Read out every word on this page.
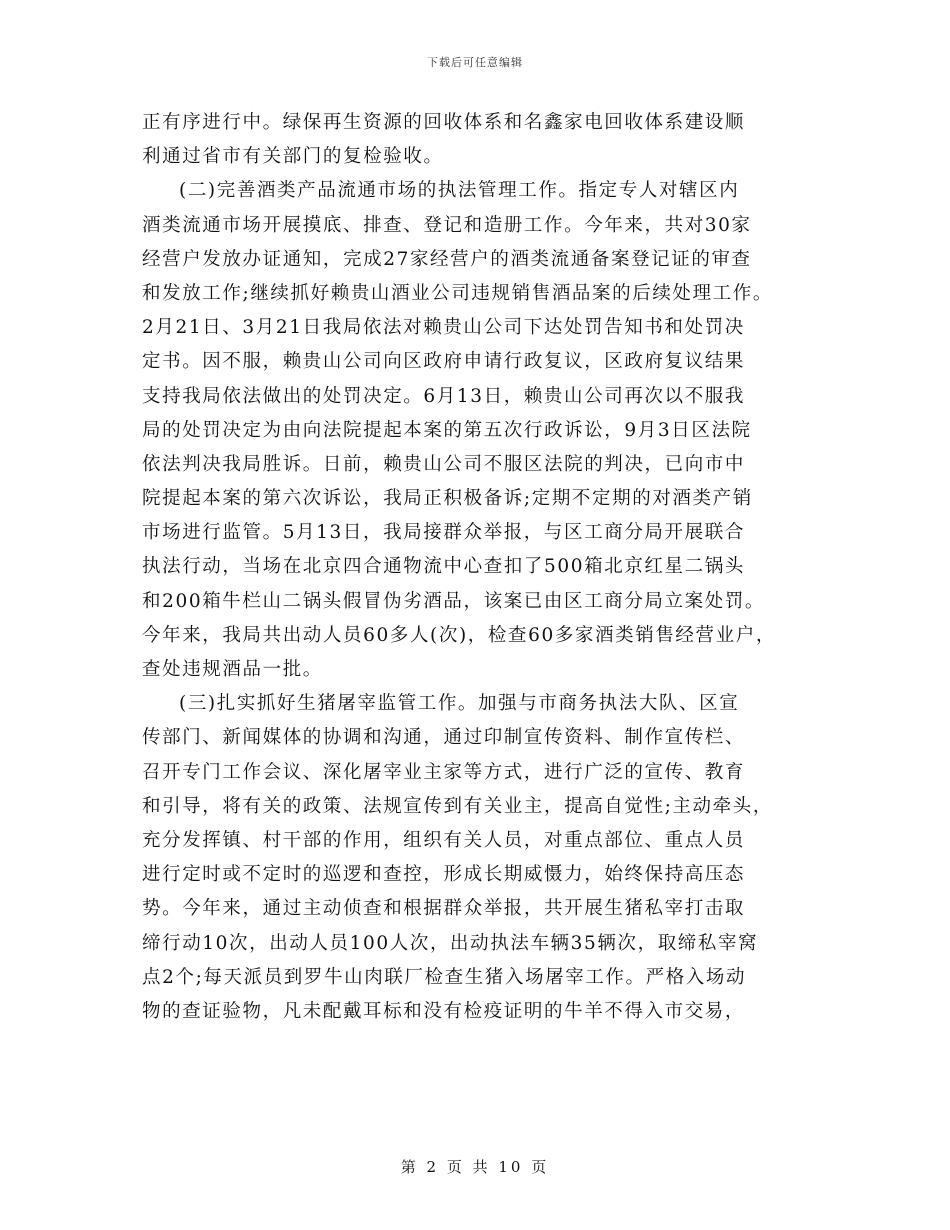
下载后可任意编辑
正有序进行中。绿保再生资源的回收体系和名鑫家电回收体系建设顺
利通过省市有关部门的复检验收。
(二)完善酒类产品流通市场的执法管理工作。指定专人对辖区内
酒类流通市场开展摸底、排查、登记和造册工作。今年来，共对30家
经营户发放办证通知，完成27家经营户的酒类流通备案登记证的审查
和发放工作;继续抓好赖贵山酒业公司违规销售酒品案的后续处理工作。
2月21日、3月21日我局依法对赖贵山公司下达处罚告知书和处罚决
定书。因不服，赖贵山公司向区政府申请行政复议，区政府复议结果
支持我局依法做出的处罚决定。6月13日，赖贵山公司再次以不服我
局的处罚决定为由向法院提起本案的第五次行政诉讼，9月3日区法院
依法判决我局胜诉。日前，赖贵山公司不服区法院的判决，已向市中
院提起本案的第六次诉讼，我局正积极备诉;定期不定期的对酒类产销
市场进行监管。5月13日，我局接群众举报，与区工商分局开展联合
执法行动，当场在北京四合通物流中心查扣了500箱北京红星二锅头
和200箱牛栏山二锅头假冒伪劣酒品，该案已由区工商分局立案处罚。
今年来，我局共出动人员60多人(次)，检查60多家酒类销售经营业户，
查处违规酒品一批。
(三)扎实抓好生猪屠宰监管工作。加强与市商务执法大队、区宣
传部门、新闻媒体的协调和沟通，通过印制宣传资料、制作宣传栏、
召开专门工作会议、深化屠宰业主家等方式，进行广泛的宣传、教育
和引导，将有关的政策、法规宣传到有关业主，提高自觉性;主动牵头，
充分发挥镇、村干部的作用，组织有关人员，对重点部位、重点人员
进行定时或不定时的巡逻和查控，形成长期威慑力，始终保持高压态
势。今年来，通过主动侦查和根据群众举报，共开展生猪私宰打击取
缔行动10次，出动人员100人次，出动执法车辆35辆次，取缔私宰窝
点2个;每天派员到罗牛山肉联厂检查生猪入场屠宰工作。严格入场动
物的查证验物，凡未配戴耳标和没有检疫证明的牛羊不得入市交易，
第 2 页 共 10 页
